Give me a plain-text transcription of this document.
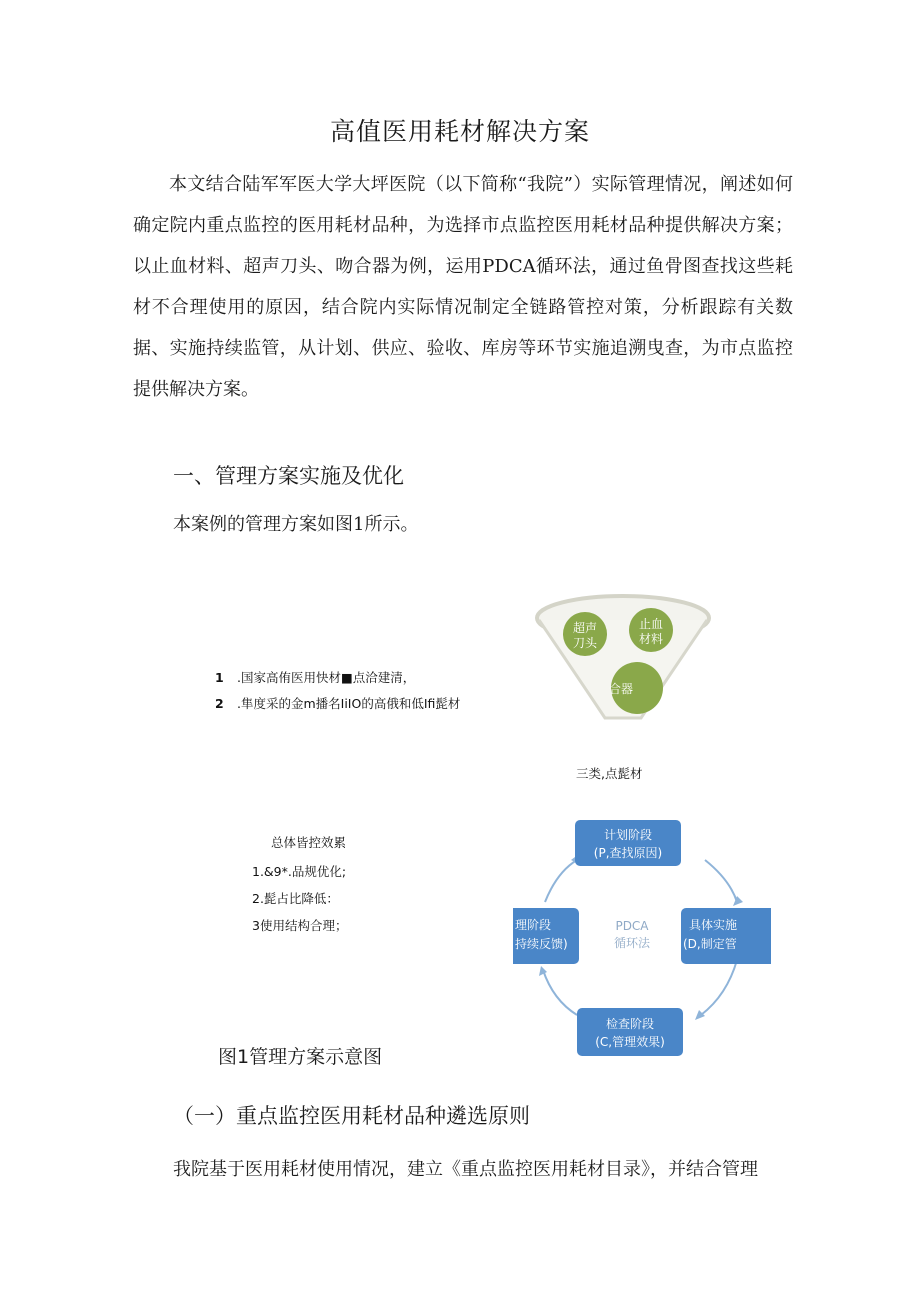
高值医用耗材解决方案

本文结合陆军军医大学大坪医院（以下简称“我院”）实际管理情况，阐述如何确定院内重点监控的医用耗材品种，为选择市点监控医用耗材品种提供解决方案；以止血材料、超声刀头、吻合器为例，运用PDCA循环法，通过鱼骨图查找这些耗材不合理使用的原因，结合院内实际情况制定全链路管控对策，分析跟踪有关数据、实施持续监管，从计划、供应、验收、库房等环节实施追溯曳查，为市点监控提供解决方案。

一、管理方案实施及优化

本案例的管理方案如图1所示。

1 .国家高侑医用快材■点洽建清，
2 .隼度采的金m播名IiIO的高俄和低Ifi髭材
超声
刀头
止血
材料
合器
三类,点髭材
总体皆控效累
1.&9*.品规优化;
2.髭占比降低：
3使用结构合理；
计划阶段
(P,查找原因)
具体实施
(D,制定管
检查阶段
(C,管理效果)
理阶段
持续反馈)
PDCA
循环法
图1管理方案示意图
（一）重点监控医用耗材品种遴选原则

我院基于医用耗材使用情况，建立《重点监控医用耗材目录》，并结合管理
